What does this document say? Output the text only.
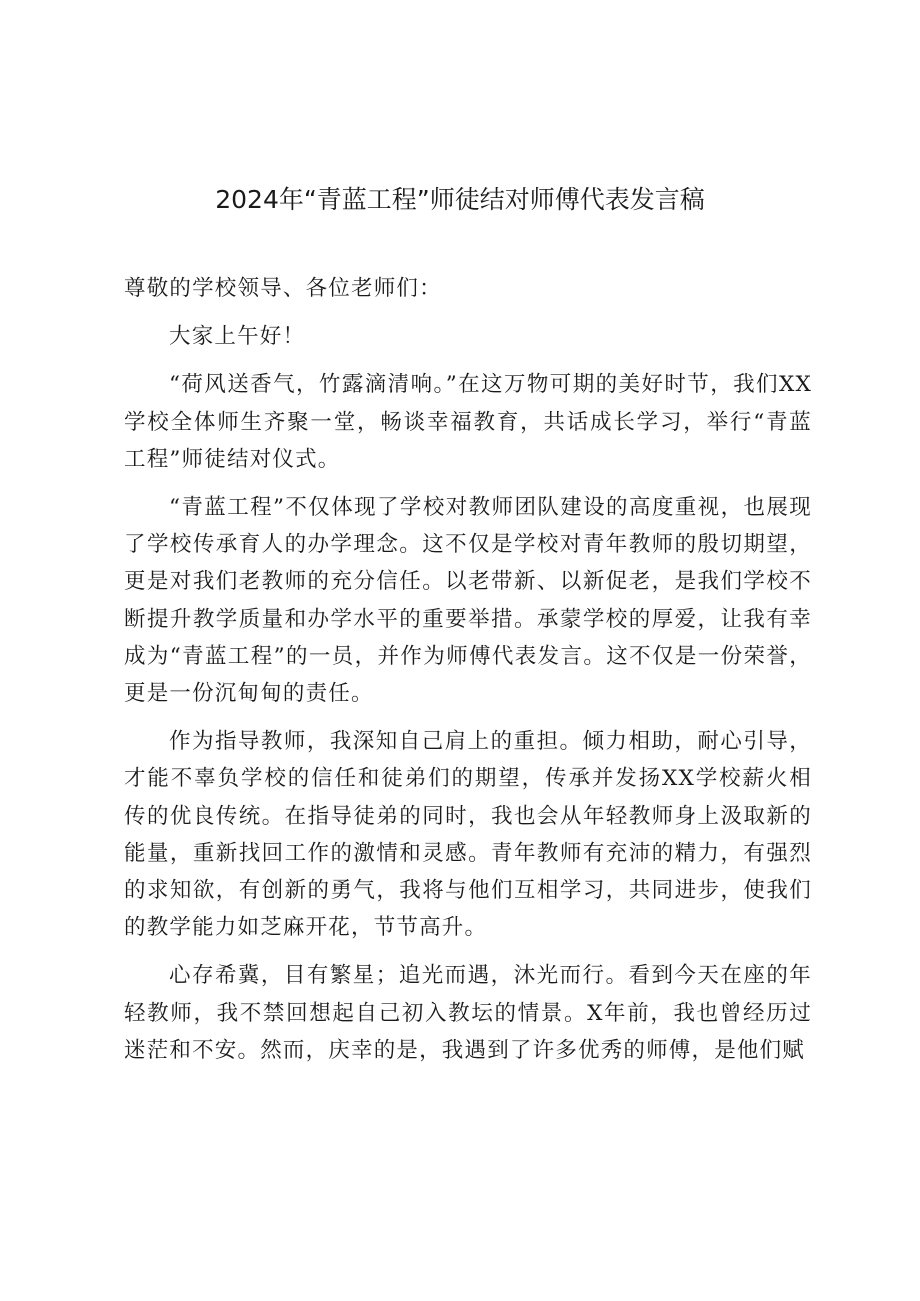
2024年“青蓝工程”师徒结对师傅代表发言稿

尊敬的学校领导、各位老师们：

大家上午好！

“荷风送香气，竹露滴清响。”在这万物可期的美好时节，我们XX学校全体师生齐聚一堂，畅谈幸福教育，共话成长学习，举行“青蓝工程”师徒结对仪式。

“青蓝工程”不仅体现了学校对教师团队建设的高度重视，也展现了学校传承育人的办学理念。这不仅是学校对青年教师的殷切期望，更是对我们老教师的充分信任。以老带新、以新促老，是我们学校不断提升教学质量和办学水平的重要举措。承蒙学校的厚爱，让我有幸成为“青蓝工程”的一员，并作为师傅代表发言。这不仅是一份荣誉，更是一份沉甸甸的责任。

作为指导教师，我深知自己肩上的重担。倾力相助，耐心引导，才能不辜负学校的信任和徒弟们的期望，传承并发扬XX学校薪火相传的优良传统。在指导徒弟的同时，我也会从年轻教师身上汲取新的能量，重新找回工作的激情和灵感。青年教师有充沛的精力，有强烈的求知欲，有创新的勇气，我将与他们互相学习，共同进步，使我们的教学能力如芝麻开花，节节高升。

心存希冀，目有繁星；追光而遇，沐光而行。看到今天在座的年轻教师，我不禁回想起自己初入教坛的情景。X年前，我也曾经历过迷茫和不安。然而，庆幸的是，我遇到了许多优秀的师傅，是他们赋
